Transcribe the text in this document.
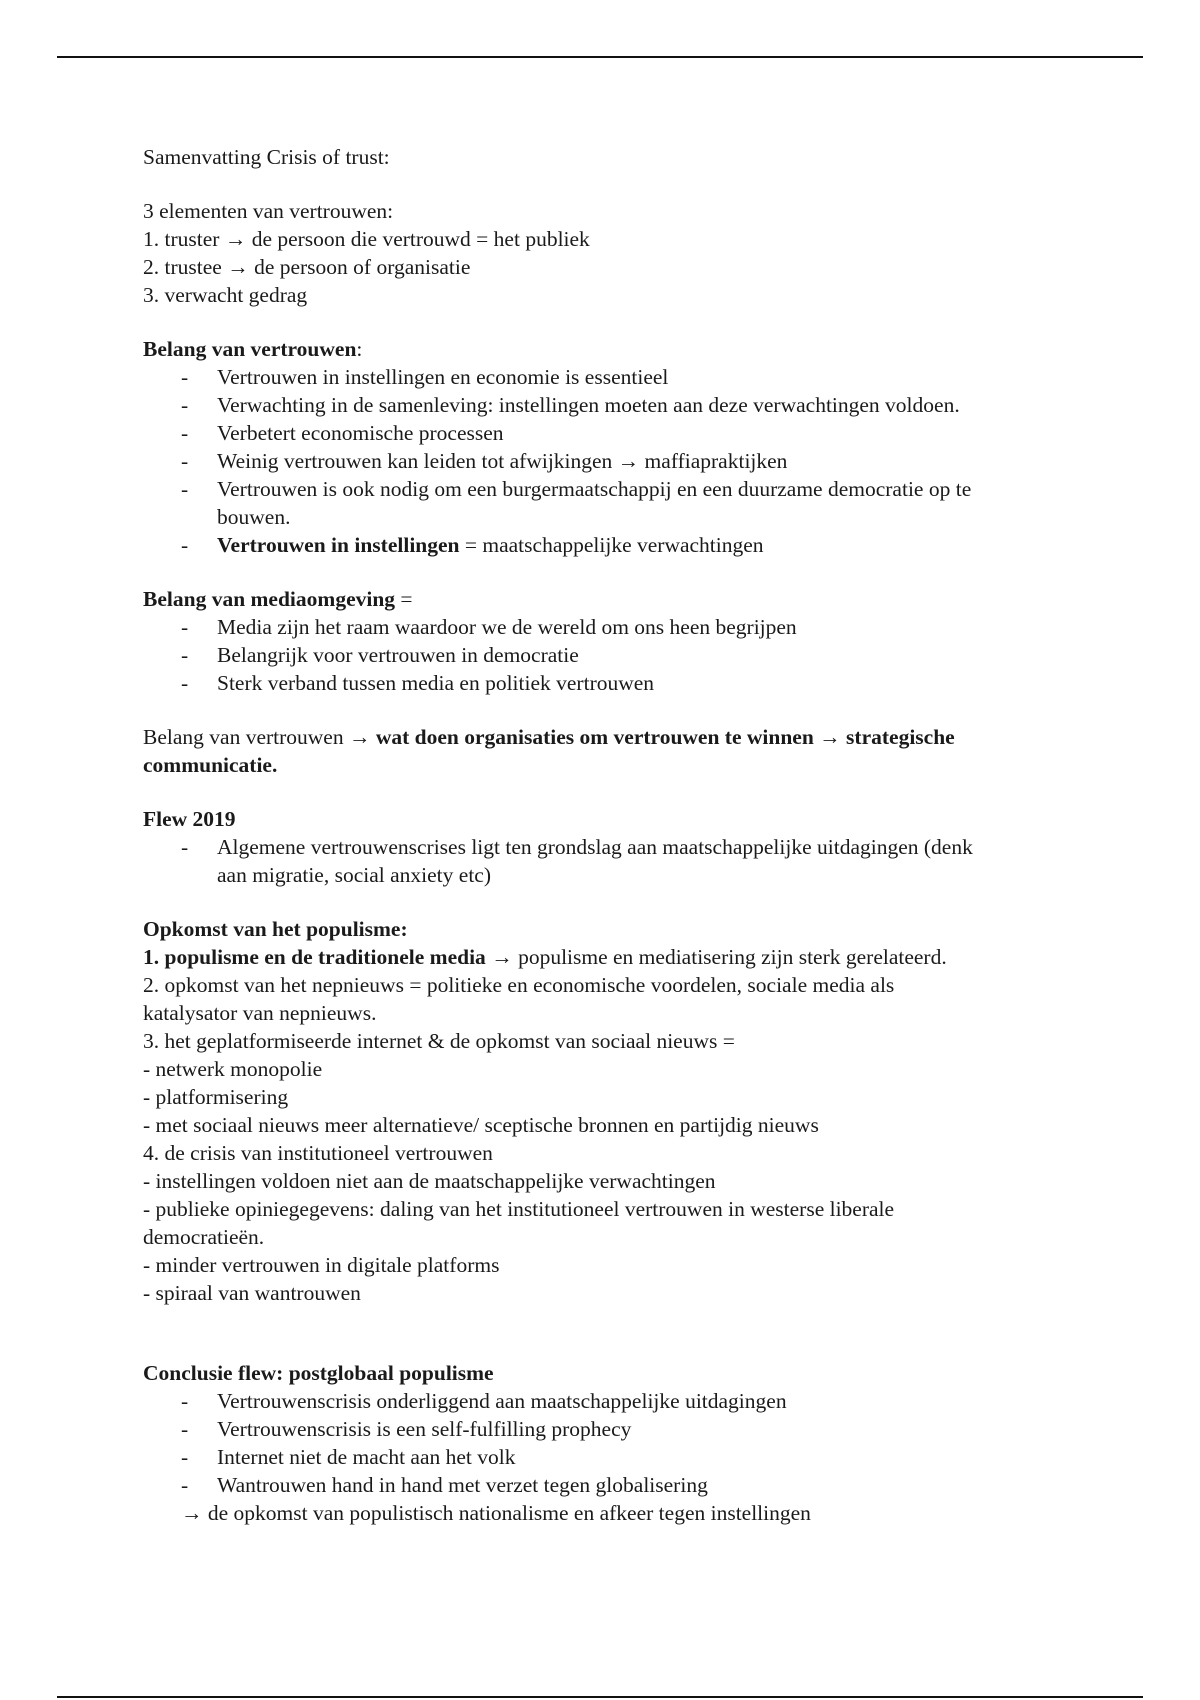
Samenvatting Crisis of trust:

3 elementen van vertrouwen:

1. truster → de persoon die vertrouwd = het publiek

2. trustee → de persoon of organisatie

3. verwacht gedrag

Belang van vertrouwen:

- Vertrouwen in instellingen en economie is essentieel

- Verwachting in de samenleving: instellingen moeten aan deze verwachtingen voldoen.

- Verbetert economische processen

- Weinig vertrouwen kan leiden tot afwijkingen → maffiapraktijken

- Vertrouwen is ook nodig om een burgermaatschappij en een duurzame democratie op te bouwen.

- Vertrouwen in instellingen = maatschappelijke verwachtingen

Belang van mediaomgeving =

- Media zijn het raam waardoor we de wereld om ons heen begrijpen

- Belangrijk voor vertrouwen in democratie

- Sterk verband tussen media en politiek vertrouwen

Belang van vertrouwen → wat doen organisaties om vertrouwen te winnen → strategische communicatie.

Flew 2019

- Algemene vertrouwenscrises ligt ten grondslag aan maatschappelijke uitdagingen (denk aan migratie, social anxiety etc)

Opkomst van het populisme:

1. populisme en de traditionele media → populisme en mediatisering zijn sterk gerelateerd.

2. opkomst van het nepnieuws = politieke en economische voordelen, sociale media als katalysator van nepnieuws.

3. het geplatformiseerde internet & de opkomst van sociaal nieuws =

- netwerk monopolie

- platformisering

- met sociaal nieuws meer alternatieve/ sceptische bronnen en partijdig nieuws

4. de crisis van institutioneel vertrouwen

- instellingen voldoen niet aan de maatschappelijke verwachtingen

- publieke opiniegegevens: daling van het institutioneel vertrouwen in westerse liberale democratieën.

- minder vertrouwen in digitale platforms

- spiraal van wantrouwen

Conclusie flew: postglobaal populisme

- Vertrouwenscrisis onderliggend aan maatschappelijke uitdagingen

- Vertrouwenscrisis is een self-fulfilling prophecy

- Internet niet de macht aan het volk

- Wantrouwen hand in hand met verzet tegen globalisering

→ de opkomst van populistisch nationalisme en afkeer tegen instellingen
